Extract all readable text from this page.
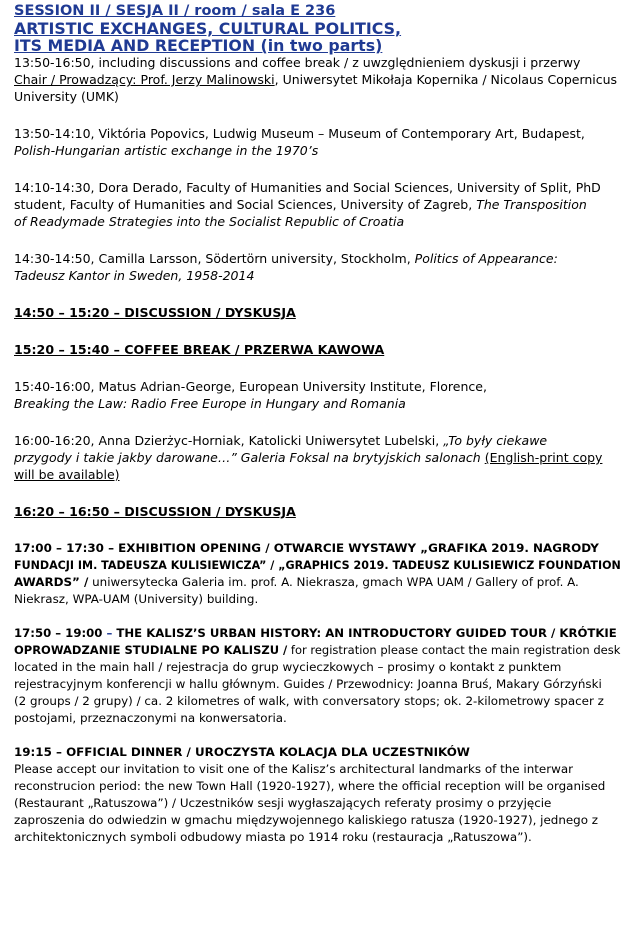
SESSION II / SESJA II / room / sala E 236
ARTISTIC EXCHANGES, CULTURAL POLITICS,
ITS MEDIA AND RECEPTION (in two parts)
13:50-16:50, including discussions and coffee break / z uwzględnieniem dyskusji i przerwy
Chair / Prowadzący: Prof. Jerzy Malinowski, Uniwersytet Mikołaja Kopernika / Nicolaus Copernicus
University (UMK)
13:50-14:10, Viktória Popovics, Ludwig Museum – Museum of Contemporary Art, Budapest,
Polish-Hungarian artistic exchange in the 1970’s
14:10-14:30, Dora Derado, Faculty of Humanities and Social Sciences, University of Split, PhD
student, Faculty of Humanities and Social Sciences, University of Zagreb, The Transposition
of Readymade Strategies into the Socialist Republic of Croatia
14:30-14:50, Camilla Larsson, Södertörn university, Stockholm, Politics of Appearance:
Tadeusz Kantor in Sweden, 1958-2014
14:50 – 15:20 – DISCUSSION / DYSKUSJA
15:20 – 15:40 – COFFEE BREAK / PRZERWA KAWOWA
15:40-16:00, Matus Adrian-George, European University Institute, Florence,
Breaking the Law: Radio Free Europe in Hungary and Romania
16:00-16:20, Anna Dzierżyc-Horniak, Katolicki Uniwersytet Lubelski, „To były ciekawe
przygody i takie jakby darowane…” Galeria Foksal na brytyjskich salonach (English-print copy
will be available)
16:20 – 16:50 – DISCUSSION / DYSKUSJA
17:00 – 17:30 – EXHIBITION OPENING / OTWARCIE WYSTAWY „GRAFIKA 2019. NAGRODY
FUNDACJI IM. TADEUSZA KULISIEWICZA” / „GRAPHICS 2019. TADEUSZ KULISIEWICZ FOUNDATION
AWARDS” / uniwersytecka Galeria im. prof. A. Niekrasza, gmach WPA UAM / Gallery of prof. A.
Niekrasz, WPA-UAM (University) building.
17:50 – 19:00 – THE KALISZ’S URBAN HISTORY: AN INTRODUCTORY GUIDED TOUR / KRÓTKIE
OPROWADZANIE STUDIALNE PO KALISZU / for registration please contact the main registration desk
located in the main hall / rejestracja do grup wycieczkowych – prosimy o kontakt z punktem
rejestracyjnym konferencji w hallu głównym. Guides / Przewodnicy: Joanna Bruś, Makary Górzyński
(2 groups / 2 grupy) / ca. 2 kilometres of walk, with conversatory stops; ok. 2-kilometrowy spacer z
postojami, przeznaczonymi na konwersatoria.
19:15 – OFFICIAL DINNER / UROCZYSTA KOLACJA DLA UCZESTNIKÓW
Please accept our invitation to visit one of the Kalisz’s architectural landmarks of the interwar
reconstrucion period: the new Town Hall (1920-1927), where the official reception will be organised
(Restaurant „Ratuszowa”) / Uczestników sesji wygłaszających referaty prosimy o przyjęcie
zaproszenia do odwiedzin w gmachu międzywojennego kaliskiego ratusza (1920-1927), jednego z
architektonicznych symboli odbudowy miasta po 1914 roku (restauracja „Ratuszowa”).
